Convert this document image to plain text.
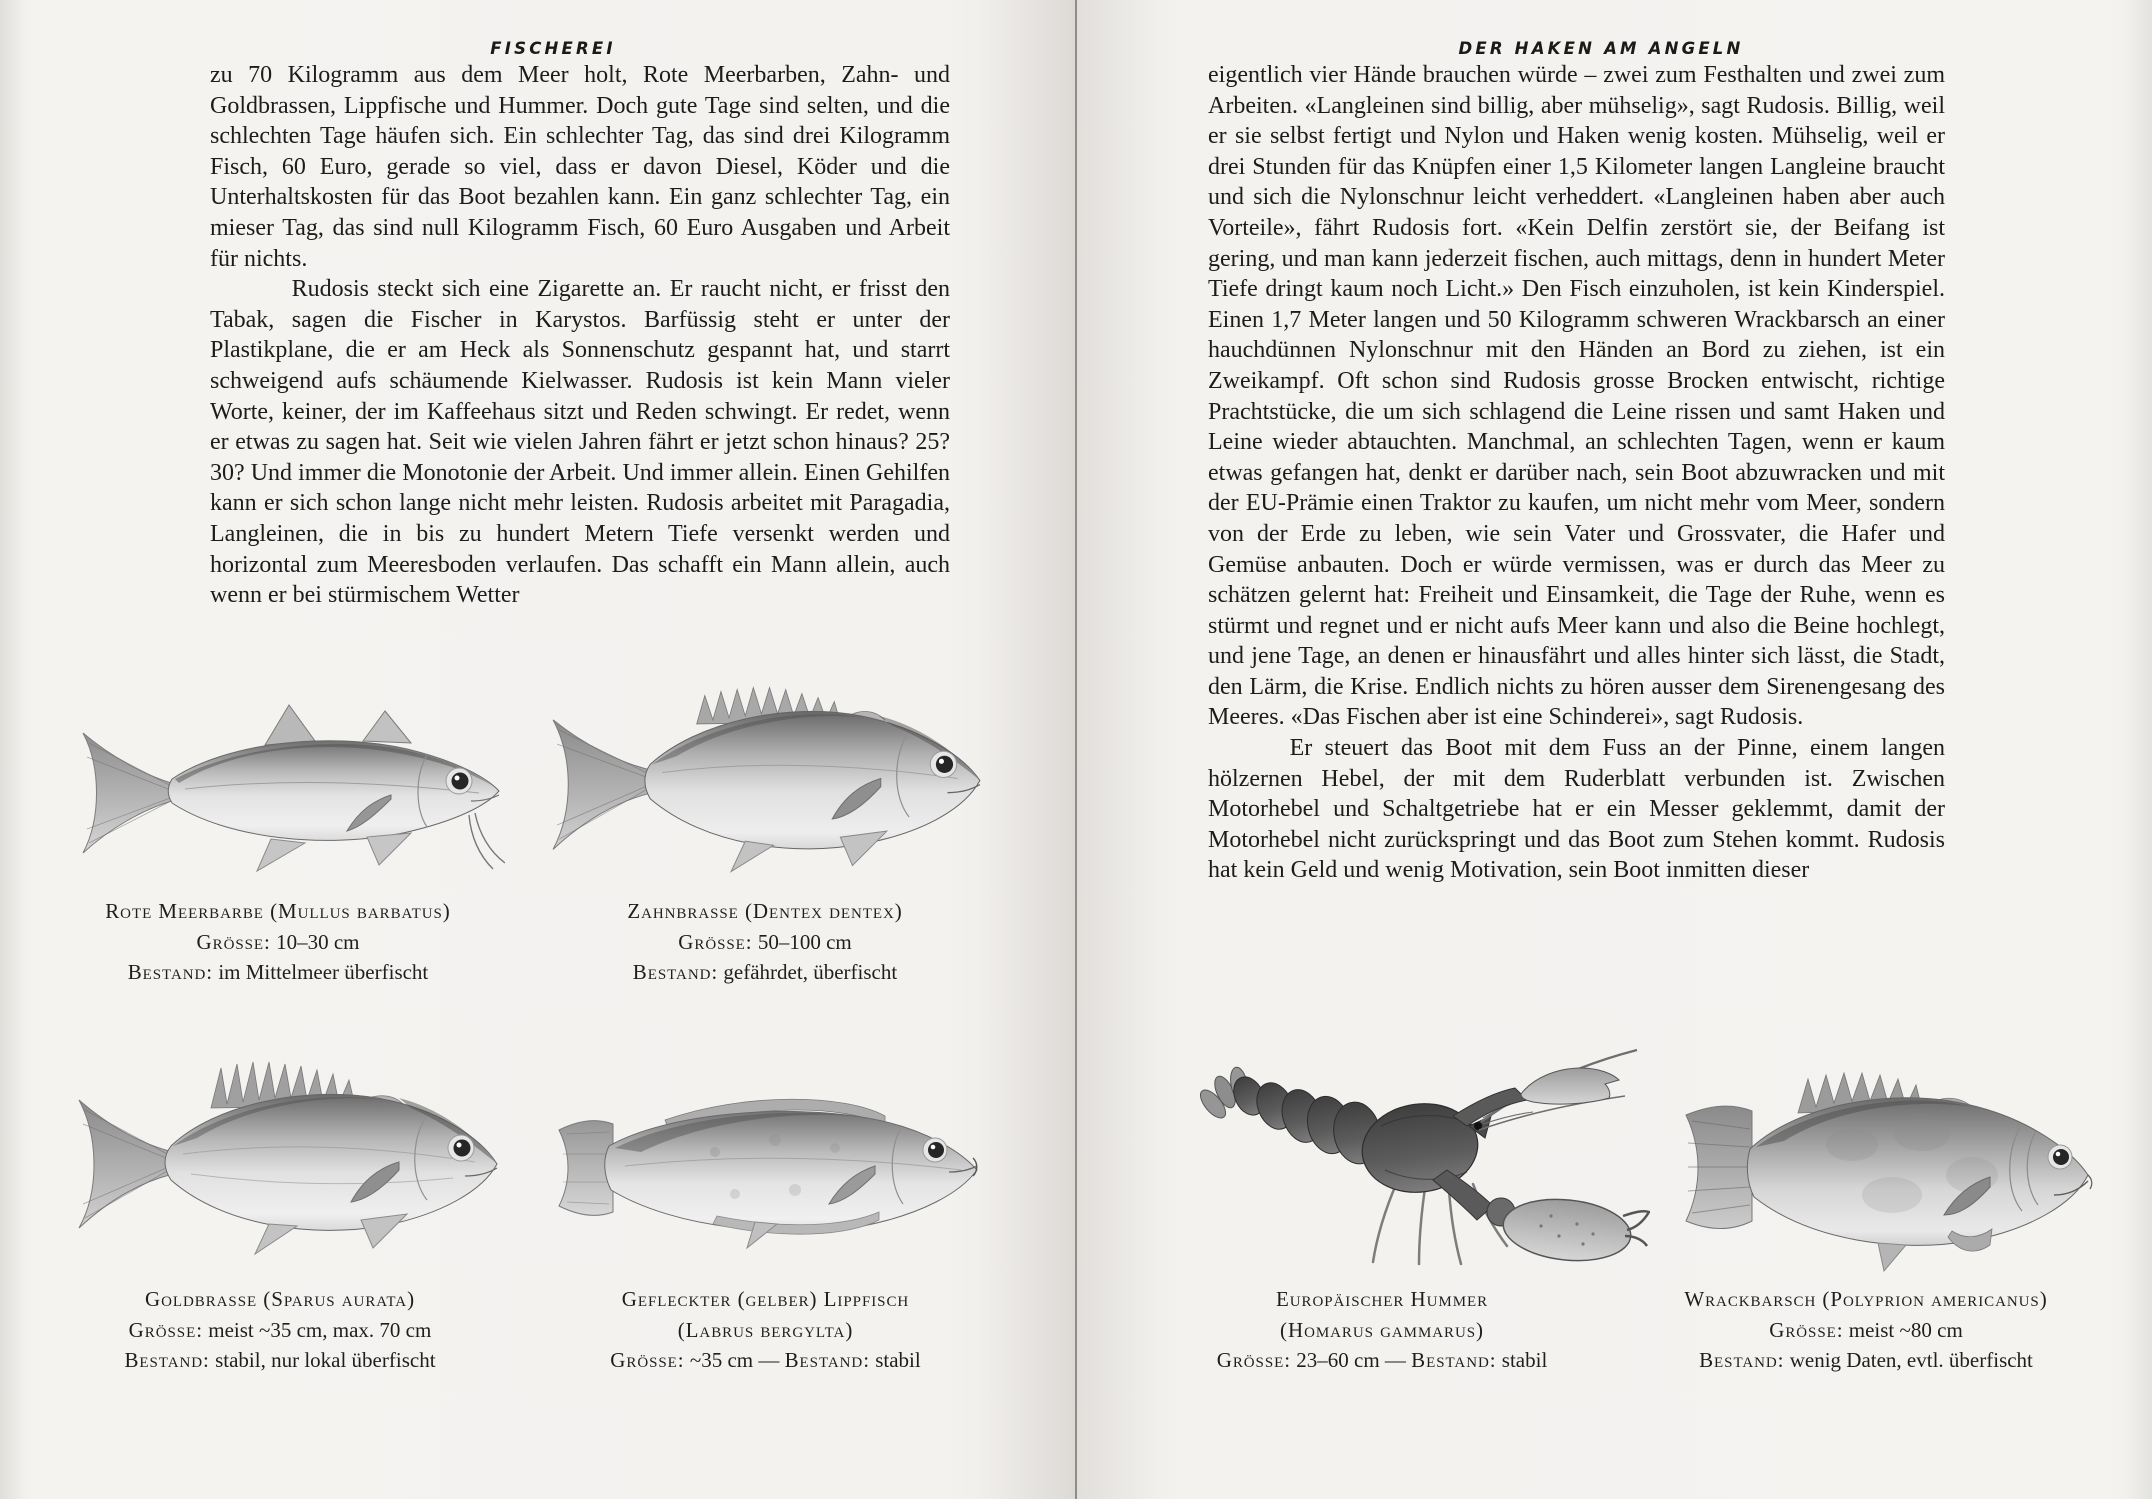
FISCHEREI

zu 70 Kilogramm aus dem Meer holt, Rote Meerbarben, Zahn- und Goldbrassen, Lippfische und Hummer. Doch gute Tage sind selten, und die schlechten Tage häufen sich. Ein schlechter Tag, das sind drei Kilogramm Fisch, 60 Euro, gerade so viel, dass er davon Diesel, Köder und die Unterhaltskosten für das Boot bezahlen kann. Ein ganz schlechter Tag, ein mieser Tag, das sind null Kilogramm Fisch, 60 Euro Ausgaben und Arbeit für nichts.

Rudosis steckt sich eine Zigarette an. Er raucht nicht, er frisst den Tabak, sagen die Fischer in Karystos. Barfüssig steht er unter der Plastikplane, die er am Heck als Sonnenschutz gespannt hat, und starrt schweigend aufs schäumende Kielwasser. Rudosis ist kein Mann vieler Worte, keiner, der im Kaffeehaus sitzt und Reden schwingt. Er redet, wenn er etwas zu sagen hat. Seit wie vielen Jahren fährt er jetzt schon hinaus? 25? 30? Und immer die Monotonie der Arbeit. Und immer allein. Einen Gehilfen kann er sich schon lange nicht mehr leisten. Rudosis arbeitet mit Paragadia, Langleinen, die in bis zu hundert Metern Tiefe versenkt werden und horizontal zum Meeresboden verlaufen. Das schafft ein Mann allein, auch wenn er bei stürmischem Wetter

Rote Meerbarbe (Mullus barbatus)
Grösse: 10–30 cm
Bestand: im Mittelmeer überfischt
Zahnbrasse (Dentex dentex)
Grösse: 50–100 cm
Bestand: gefährdet, überfischt
Goldbrasse (Sparus aurata)
Grösse: meist ~35 cm, max. 70 cm
Bestand: stabil, nur lokal überfischt
Gefleckter (gelber) Lippfisch
(Labrus bergylta)
Grösse: ~35 cm — Bestand: stabil
DER HAKEN AM ANGELN

eigentlich vier Hände brauchen würde – zwei zum Festhalten und zwei zum Arbeiten. «Langleinen sind billig, aber mühselig», sagt Rudosis. Billig, weil er sie selbst fertigt und Nylon und Haken wenig kosten. Mühselig, weil er drei Stunden für das Knüpfen einer 1,5 Kilometer langen Langleine braucht und sich die Nylonschnur leicht verheddert. «Langleinen haben aber auch Vorteile», fährt Rudosis fort. «Kein Delfin zerstört sie, der Beifang ist gering, und man kann jederzeit fischen, auch mittags, denn in hundert Meter Tiefe dringt kaum noch Licht.» Den Fisch einzuholen, ist kein Kinderspiel. Einen 1,7 Meter langen und 50 Kilogramm schweren Wrackbarsch an einer hauchdünnen Nylonschnur mit den Händen an Bord zu ziehen, ist ein Zweikampf. Oft schon sind Rudosis grosse Brocken entwischt, richtige Prachtstücke, die um sich schlagend die Leine rissen und samt Haken und Leine wieder abtauchten. Manchmal, an schlechten Tagen, wenn er kaum etwas gefangen hat, denkt er darüber nach, sein Boot abzuwracken und mit der EU-Prämie einen Traktor zu kaufen, um nicht mehr vom Meer, sondern von der Erde zu leben, wie sein Vater und Grossvater, die Hafer und Gemüse anbauten. Doch er würde vermissen, was er durch das Meer zu schätzen gelernt hat: Freiheit und Einsamkeit, die Tage der Ruhe, wenn es stürmt und regnet und er nicht aufs Meer kann und also die Beine hochlegt, und jene Tage, an denen er hinausfährt und alles hinter sich lässt, die Stadt, den Lärm, die Krise. Endlich nichts zu hören ausser dem Sirenengesang des Meeres. «Das Fischen aber ist eine Schinderei», sagt Rudosis.

Er steuert das Boot mit dem Fuss an der Pinne, einem langen hölzernen Hebel, der mit dem Ruderblatt verbunden ist. Zwischen Motorhebel und Schaltgetriebe hat er ein Messer geklemmt, damit der Motorhebel nicht zurückspringt und das Boot zum Stehen kommt. Rudosis hat kein Geld und wenig Motivation, sein Boot inmitten dieser

Europäischer Hummer
(Homarus gammarus)
Grösse: 23–60 cm — Bestand: stabil
Wrackbarsch (Polyprion americanus)
Grösse: meist ~80 cm
Bestand: wenig Daten, evtl. überfischt
